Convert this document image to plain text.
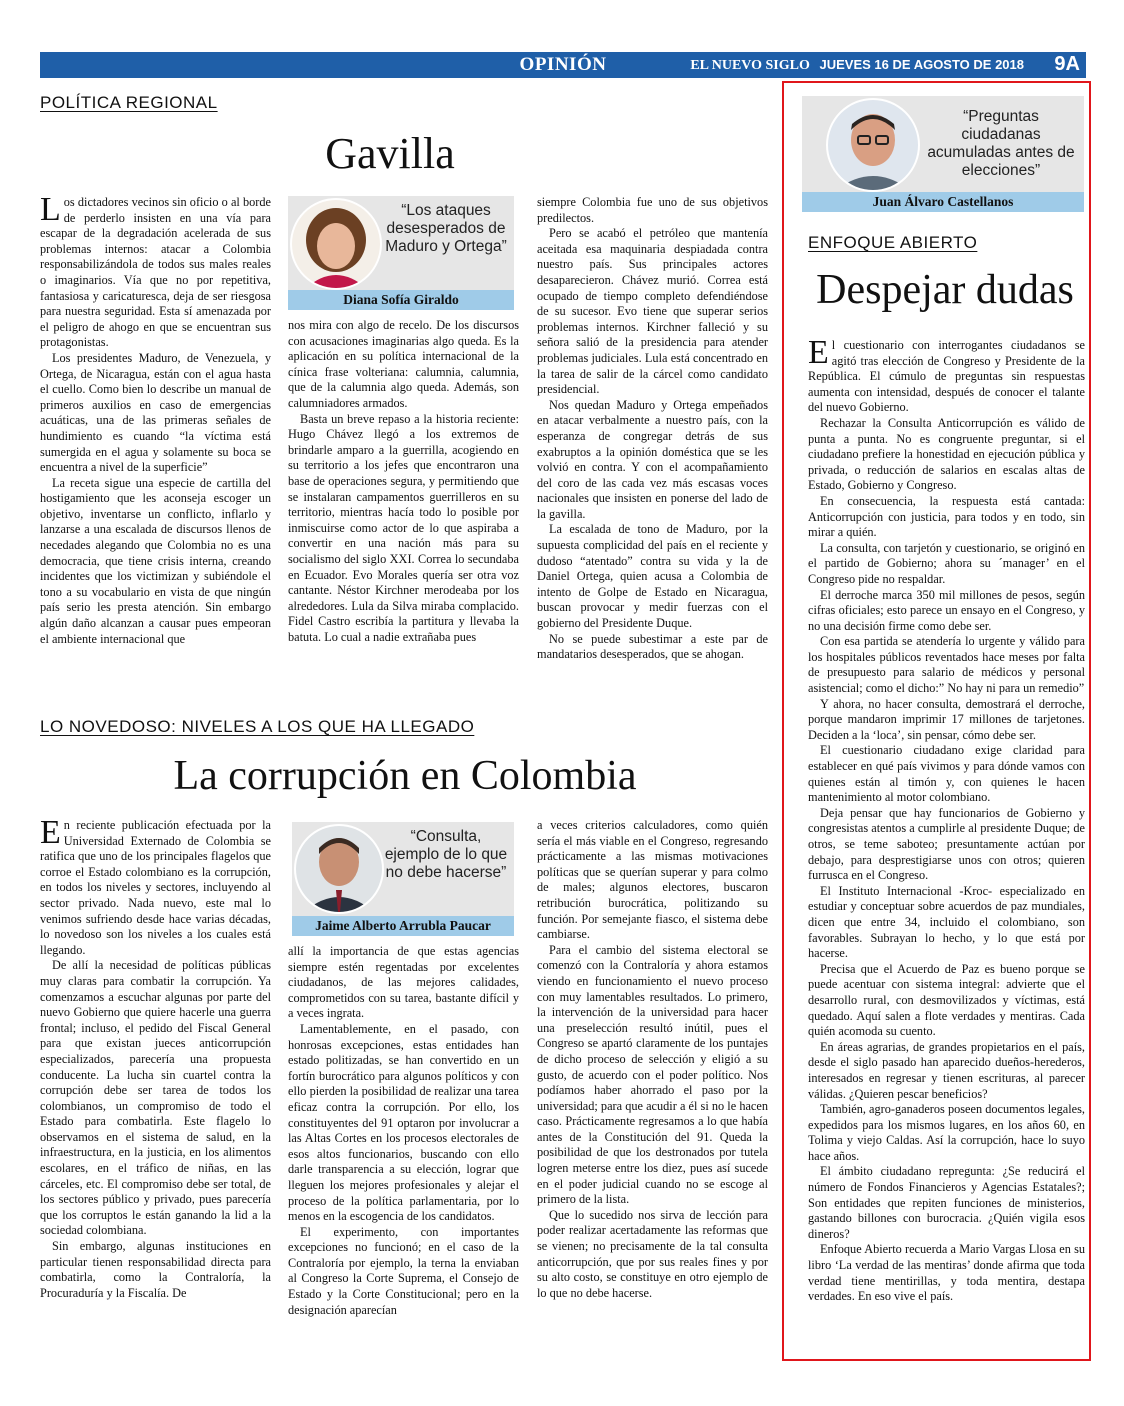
OPINIÓN	EL NUEVO SIGLO JUEVES 16 DE AGOSTO DE 2018 9A
POLÍTICA REGIONAL
Gavilla

Los dictadores vecinos sin oficio o al borde de perderlo insisten en una vía para escapar de la degradación acelerada de sus problemas internos: atacar a Colombia responsabilizándola de todos sus males reales o imaginarios. Vía que no por repetitiva, fantasiosa y caricaturesca, deja de ser riesgosa para nuestra seguridad. Esta sí amenazada por el peligro de ahogo en que se encuentran sus protagonistas.

Los presidentes Maduro, de Venezuela, y Ortega, de Nicaragua, están con el agua hasta el cuello. Como bien lo describe un manual de primeros auxilios en caso de emergencias acuáticas, una de las primeras señales de hundimiento es cuando “la víctima está sumergida en el agua y solamente su boca se encuentra a nivel de la superficie”

La receta sigue una especie de cartilla del hostigamiento que les aconseja escoger un objetivo, inventarse un conflicto, inflarlo y lanzarse a una escalada de discursos llenos de necedades alegando que Colombia no es una democracia, que tiene crisis interna, creando incidentes que los victimizan y subiéndole el tono a su vocabulario en vista de que ningún país serio les presta atención. Sin embargo algún daño alcanzan a causar pues empeoran el ambiente internacional que

“Los ataques desesperados de Maduro y Ortega”
Diana Sofía Giraldo

nos mira con algo de recelo. De los discursos con acusaciones imaginarias algo queda. Es la aplicación en su política internacional de la cínica frase volteriana: calumnia, calumnia, que de la calumnia algo queda. Además, son calumniadores armados.

Basta un breve repaso a la historia reciente: Hugo Chávez llegó a los extremos de brindarle amparo a la guerrilla, acogiendo en su territorio a los jefes que encontraron una base de operaciones segura, y permitiendo que se instalaran campamentos guerrilleros en su territorio, mientras hacía todo lo posible por inmiscuirse como actor de lo que aspiraba a convertir en una nación más para su socialismo del siglo XXI. Correa lo secundaba en Ecuador. Evo Morales quería ser otra voz cantante. Néstor Kirchner merodeaba por los alrededores. Lula da Silva miraba complacido. Fidel Castro escribía la partitura y llevaba la batuta. Lo cual a nadie extrañaba pues

siempre Colombia fue uno de sus objetivos predilectos.

Pero se acabó el petróleo que mantenía aceitada esa maquinaria despiadada contra nuestro país. Sus principales actores desaparecieron. Chávez murió. Correa está ocupado de tiempo completo defendiéndose de su sucesor. Evo tiene que superar serios problemas internos. Kirchner falleció y su señora salió de la presidencia para atender problemas judiciales. Lula está concentrado en la tarea de salir de la cárcel como candidato presidencial.

Nos quedan Maduro y Ortega empeñados en atacar verbalmente a nuestro país, con la esperanza de congregar detrás de sus exabruptos a la opinión doméstica que se les volvió en contra. Y con el acompañamiento del coro de las cada vez más escasas voces nacionales que insisten en ponerse del lado de la gavilla.

La escalada de tono de Maduro, por la supuesta complicidad del país en el reciente y dudoso “atentado” contra su vida y la de Daniel Ortega, quien acusa a Colombia de intento de Golpe de Estado en Nicaragua, buscan provocar y medir fuerzas con el gobierno del Presidente Duque.

No se puede subestimar a este par de mandatarios desesperados, que se ahogan.

LO NOVEDOSO: NIVELES A LOS QUE HA LLEGADO
La corrupción en Colombia

En reciente publicación efectuada por la Universidad Externado de Colombia se ratifica que uno de los principales flagelos que corroe el Estado colombiano es la corrupción, en todos los niveles y sectores, incluyendo al sector privado. Nada nuevo, este mal lo venimos sufriendo desde hace varias décadas, lo novedoso son los niveles a los cuales está llegando.

De allí la necesidad de políticas públicas muy claras para combatir la corrupción. Ya comenzamos a escuchar algunas por parte del nuevo Gobierno que quiere hacerle una guerra frontal; incluso, el pedido del Fiscal General para que existan jueces anticorrupción especializados, parecería una propuesta conducente. La lucha sin cuartel contra la corrupción debe ser tarea de todos los colombianos, un compromiso de todo el Estado para combatirla. Este flagelo lo observamos en el sistema de salud, en la infraestructura, en la justicia, en los alimentos escolares, en el tráfico de niñas, en las cárceles, etc. El compromiso debe ser total, de los sectores público y privado, pues parecería que los corruptos le están ganando la lid a la sociedad colombiana.

Sin embargo, algunas instituciones en particular tienen responsabilidad directa para combatirla, como la Contraloría, la Procuraduría y la Fiscalía. De

“Consulta, ejemplo de lo que no debe hacerse”
Jaime Alberto Arrubla Paucar

allí la importancia de que estas agencias siempre estén regentadas por excelentes ciudadanos, de las mejores calidades, comprometidos con su tarea, bastante difícil y a veces ingrata.

Lamentablemente, en el pasado, con honrosas excepciones, estas entidades han estado politizadas, se han convertido en un fortín burocrático para algunos políticos y con ello pierden la posibilidad de realizar una tarea eficaz contra la corrupción. Por ello, los constituyentes del 91 optaron por involucrar a las Altas Cortes en los procesos electorales de esos altos funcionarios, buscando con ello darle transparencia a su elección, lograr que lleguen los mejores profesionales y alejar el proceso de la política parlamentaria, por lo menos en la escogencia de los candidatos.

El experimento, con importantes excepciones no funcionó; en el caso de la Contraloría por ejemplo, la terna la enviaban al Congreso la Corte Suprema, el Consejo de Estado y la Corte Constitucional; pero en la designación aparecían

a veces criterios calculadores, como quién sería el más viable en el Congreso, regresando prácticamente a las mismas motivaciones políticas que se querían superar y para colmo de males; algunos electores, buscaron retribución burocrática, politizando su función. Por semejante fiasco, el sistema debe cambiarse.

Para el cambio del sistema electoral se comenzó con la Contraloría y ahora estamos viendo en funcionamiento el nuevo proceso con muy lamentables resultados. Lo primero, la intervención de la universidad para hacer una preselección resultó inútil, pues el Congreso se apartó claramente de los puntajes de dicho proceso de selección y eligió a su gusto, de acuerdo con el poder político. Nos podíamos haber ahorrado el paso por la universidad; para que acudir a él si no le hacen caso. Prácticamente regresamos a lo que había antes de la Constitución del 91. Queda la posibilidad de que los destronados por tutela logren meterse entre los diez, pues así sucede en el poder judicial cuando no se escoge al primero de la lista.

Que lo sucedido nos sirva de lección para poder realizar acertadamente las reformas que se vienen; no precisamente de la tal consulta anticorrupción, que por sus reales fines y por su alto costo, se constituye en otro ejemplo de lo que no debe hacerse.

“Preguntas ciudadanas acumuladas antes de elecciones”
Juan Álvaro Castellanos
ENFOQUE ABIERTO
Despejar dudas

El cuestionario con interrogantes ciudadanos se agitó tras elección de Congreso y Presidente de la República. El cúmulo de preguntas sin respuestas aumenta con intensidad, después de conocer el talante del nuevo Gobierno.

Rechazar la Consulta Anticorrupción es válido de punta a punta. No es congruente preguntar, si el ciudadano prefiere la honestidad en ejecución pública y privada, o reducción de salarios en escalas altas de Estado, Gobierno y Congreso.

En consecuencia, la respuesta está cantada: Anticorrupción con justicia, para todos y en todo, sin mirar a quién.

La consulta, con tarjetón y cuestionario, se originó en el partido de Gobierno; ahora su ´manager’ en el Congreso pide no respaldar.

El derroche marca 350 mil millones de pesos, según cifras oficiales; esto parece un ensayo en el Congreso, y no una decisión firme como debe ser.

Con esa partida se atendería lo urgente y válido para los hospitales públicos reventados hace meses por falta de presupuesto para salario de médicos y personal asistencial; como el dicho:” No hay ni para un remedio”

Y ahora, no hacer consulta, demostrará el derroche, porque mandaron imprimir 17 millones de tarjetones. Deciden a la ‘loca’, sin pensar, cómo debe ser.

El cuestionario ciudadano exige claridad para establecer en qué país vivimos y para dónde vamos con quienes están al timón y, con quienes le hacen mantenimiento al motor colombiano.

Deja pensar que hay funcionarios de Gobierno y congresistas atentos a cumplirle al presidente Duque; de otros, se teme saboteo; presuntamente actúan por debajo, para desprestigiarse unos con otros; quieren furrusca en el Congreso.

El Instituto Internacional -Kroc- especializado en estudiar y conceptuar sobre acuerdos de paz mundiales, dicen que entre 34, incluido el colombiano, son favorables. Subrayan lo hecho, y lo que está por hacerse.

Precisa que el Acuerdo de Paz es bueno porque se puede acentuar con sistema integral: advierte que el desarrollo rural, con desmovilizados y víctimas, está quedado. Aquí salen a flote verdades y mentiras. Cada quién acomoda su cuento.

En áreas agrarias, de grandes propietarios en el país, desde el siglo pasado han aparecido dueños-herederos, interesados en regresar y tienen escrituras, al parecer válidas. ¿Quieren pescar beneficios?

También, agro-ganaderos poseen documentos legales, expedidos para los mismos lugares, en los años 60, en Tolima y viejo Caldas. Así la corrupción, hace lo suyo hace años.

El ámbito ciudadano repregunta: ¿Se reducirá el número de Fondos Financieros y Agencias Estatales?; Son entidades que repiten funciones de ministerios, gastando billones con burocracia. ¿Quién vigila esos dineros?

Enfoque Abierto recuerda a Mario Vargas Llosa en su libro ‘La verdad de las mentiras’ donde afirma que toda verdad tiene mentirillas, y toda mentira, destapa verdades. En eso vive el país.
